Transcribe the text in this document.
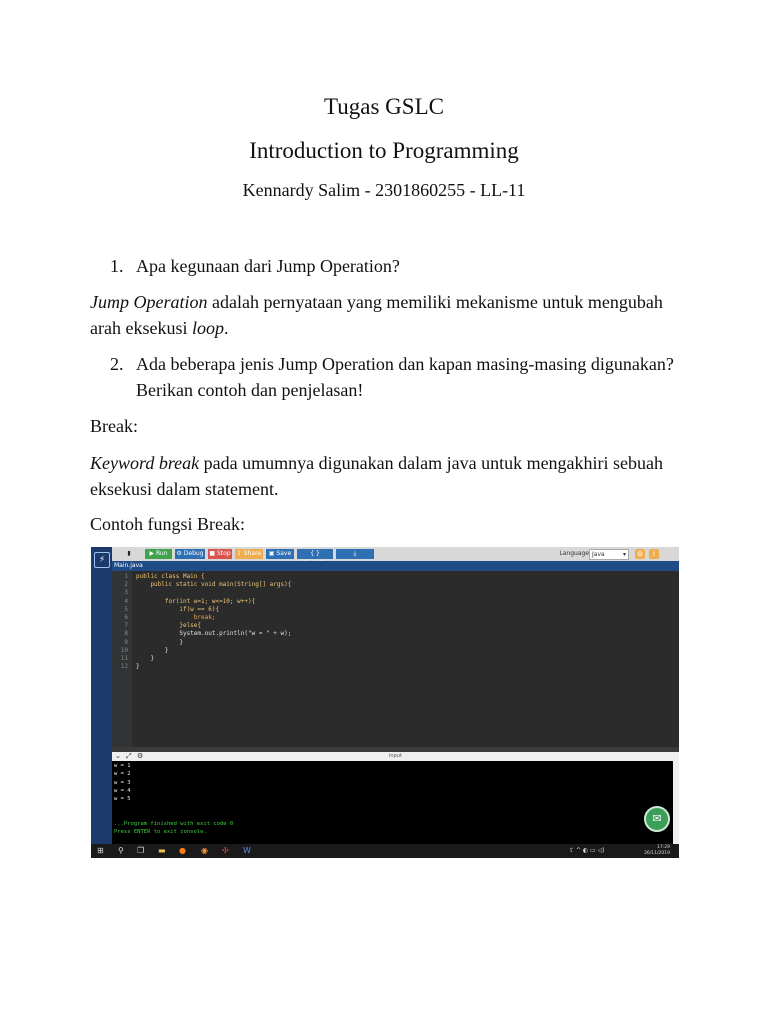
Tugas GSLC
Introduction to Programming
Kennardy Salim - 2301860255 - LL-11
1. Apa kegunaan dari Jump Operation?
Jump Operation adalah pernyataan yang memiliki mekanisme untuk mengubah arah eksekusi loop.
2. Ada beberapa jenis Jump Operation dan kapan masing-masing digunakan? Berikan contoh dan penjelasan!
Break:
Keyword break pada umumnya digunakan dalam java untuk mengakhiri sebuah eksekusi dalam statement.
Contoh fungsi Break:
⚡
▮	▶ Run	⚙ Debug ■ Stop	⇪ Share	▣ Save	{ }	⤓	Language Java	▾ ⚙	i
Main.java
1
2
3
4
5
6
7
8
9
10
11
12
public class Main {
public static void main(String[] args){
for(int w=1; w<=10; w++){
if(w == 6){
break;
}else{
System.out.println("w = " + w);
}
}
}
}
⌄ ⤢ ⚙	input
w = 1
w = 2
w = 3
w = 4
w = 5
...Program finished with exit code 0
Press ENTER to exit console.
✉
⊞ ⚲ ❐ ▬ ● ◉ ✣ W	⇪ ^ ◐ ▭ ◁)	17:29
26/11/2019
